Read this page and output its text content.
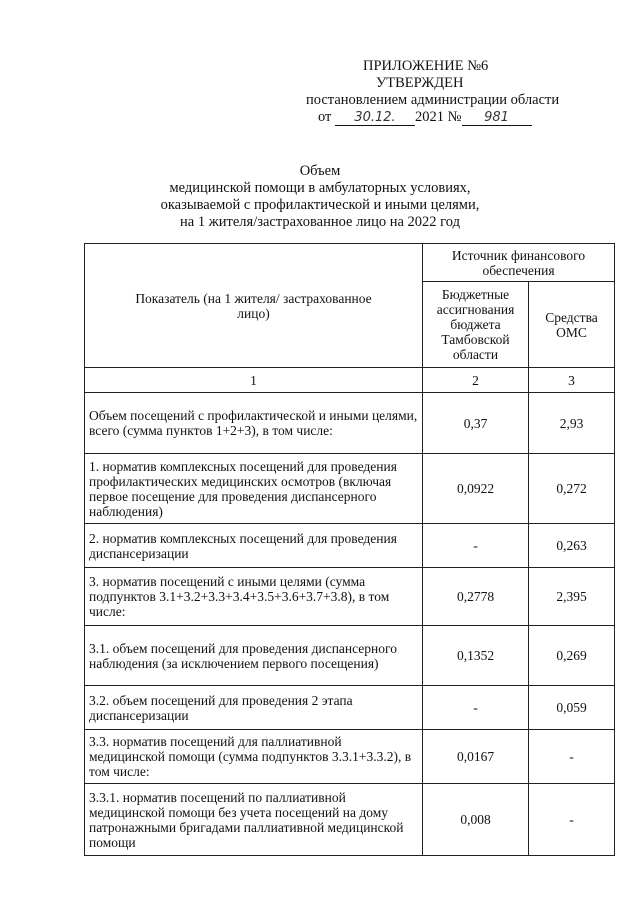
ПРИЛОЖЕНИЕ №6
УТВЕРЖДЕН
постановлением администрации области
от 30.12. 2021 № 981
Объем
медицинской помощи в амбулаторных условиях,
оказываемой с профилактической и иными целями,
на 1 жителя/застрахованное лицо на 2022 год
Показатель (на 1 жителя/ застрахованное лицо)	Источник финансового обеспечения	
	Бюджетные ассигнования бюджета Тамбовской области	Средства ОМС
1	2	3
Объем посещений с профилактической и иными целями, всего (сумма пунктов 1+2+3), в том числе:	0,37	2,93
1. норматив комплексных посещений для проведения профилактических медицинских осмотров (включая первое посещение для проведения диспансерного наблюдения)	0,0922	0,272
2. норматив комплексных посещений для проведения диспансеризации	-	0,263
3. норматив посещений с иными целями (сумма подпунктов 3.1+3.2+3.3+3.4+3.5+3.6+3.7+3.8), в том числе:	0,2778	2,395
3.1. объем посещений для проведения диспансерного наблюдения (за исключением первого посещения)	0,1352	0,269
3.2. объем посещений для проведения 2 этапа диспансеризации	-	0,059
3.3. норматив посещений для паллиативной медицинской помощи (сумма подпунктов 3.3.1+3.3.2), в том числе:	0,0167	-
3.3.1. норматив посещений по паллиативной медицинской помощи без учета посещений на дому патронажными бригадами паллиативной медицинской помощи	0,008	-
